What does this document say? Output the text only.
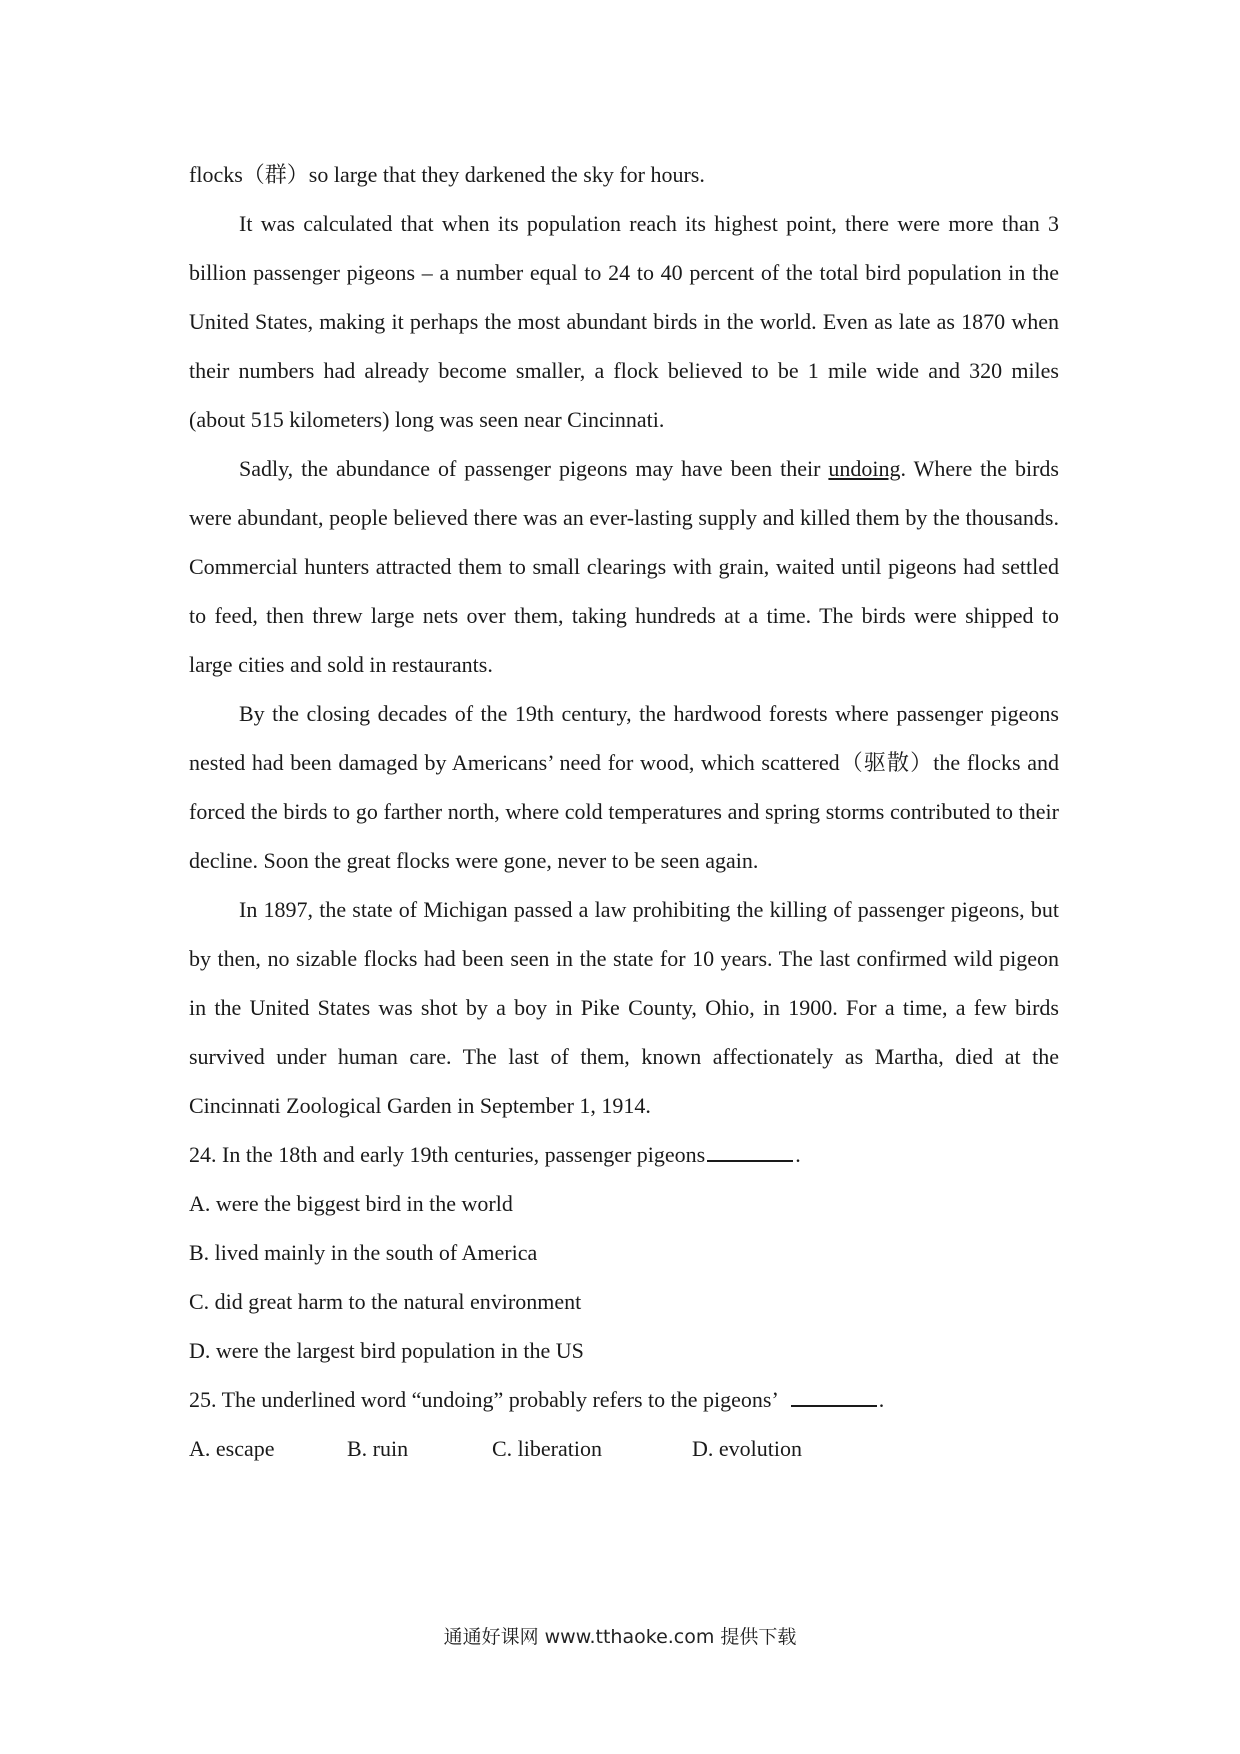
flocks（群）so large that they darkened the sky for hours.

It was calculated that when its population reach its highest point, there were more than 3 billion passenger pigeons – a number equal to 24 to 40 percent of the total bird population in the United States, making it perhaps the most abundant birds in the world. Even as late as 1870 when their numbers had already become smaller, a flock believed to be 1 mile wide and 320 miles (about 515 kilometers) long was seen near Cincinnati.

Sadly, the abundance of passenger pigeons may have been their undoing. Where the birds were abundant, people believed there was an ever-lasting supply and killed them by the thousands. Commercial hunters attracted them to small clearings with grain, waited until pigeons had settled to feed, then threw large nets over them, taking hundreds at a time. The birds were shipped to large cities and sold in restaurants.

By the closing decades of the 19th century, the hardwood forests where passenger pigeons nested had been damaged by Americans’ need for wood, which scattered（驱散）the flocks and forced the birds to go farther north, where cold temperatures and spring storms contributed to their decline. Soon the great flocks were gone, never to be seen again.

In 1897, the state of Michigan passed a law prohibiting the killing of passenger pigeons, but by then, no sizable flocks had been seen in the state for 10 years. The last confirmed wild pigeon in the United States was shot by a boy in Pike County, Ohio, in 1900. For a time, a few birds survived under human care. The last of them, known affectionately as Martha, died at the Cincinnati Zoological Garden in September 1, 1914.

24. In the 18th and early 19th centuries, passenger pigeons	.

A. were the biggest bird in the world

B. lived mainly in the south of America

C. did great harm to the natural environment

D. were the largest bird population in the US

25. The underlined word “undoing” probably refers to the pigeons’	.

A. escape	B. ruin	C. liberation	D. evolution
通通好课网 www.tthaoke.com 提供下载
